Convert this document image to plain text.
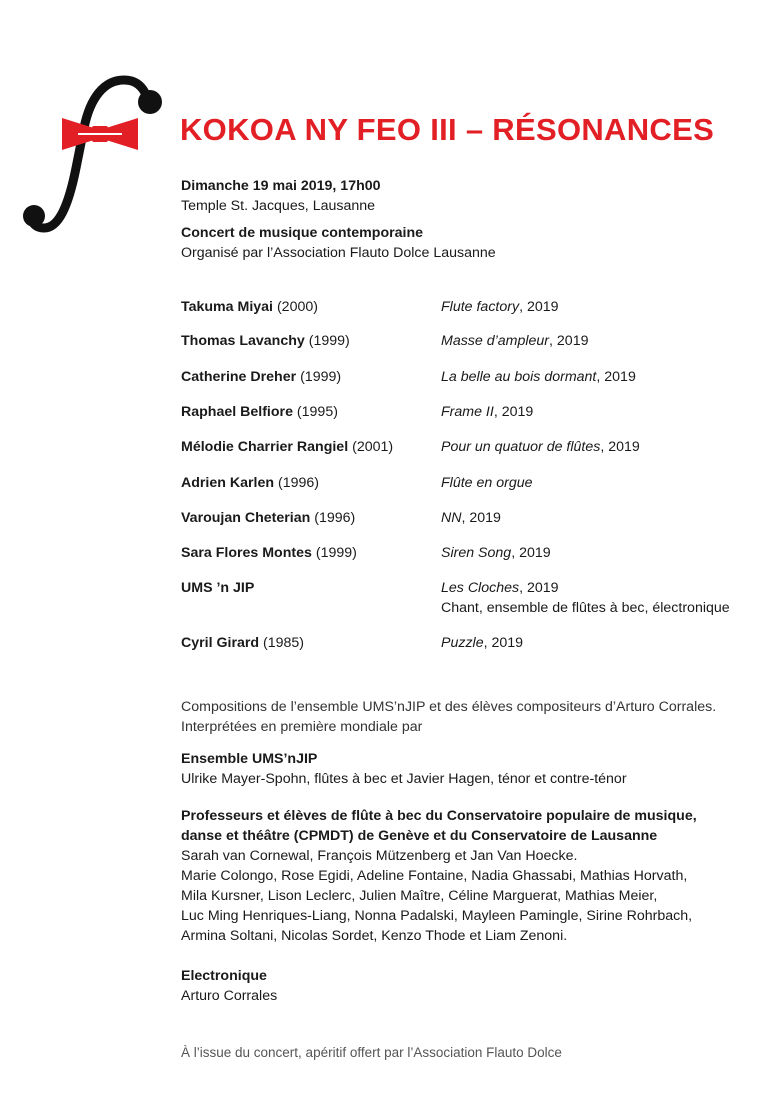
KOKOA NY FEO III – RÉSONANCES
Dimanche 19 mai 2019, 17h00
Temple St. Jacques, Lausanne
Concert de musique contemporaine
Organisé par l’Association Flauto Dolce Lausanne
Takuma Miyai (2000)	Flute factory, 2019
Thomas Lavanchy (1999)	Masse d’ampleur, 2019
Catherine Dreher (1999)	La belle au bois dormant, 2019
Raphael Belfiore (1995)	Frame II, 2019
Mélodie Charrier Rangiel (2001)	Pour un quatuor de flûtes, 2019
Adrien Karlen (1996)	Flûte en orgue
Varoujan Cheterian (1996)	NN, 2019
Sara Flores Montes (1999)	Siren Song, 2019
UMS ’n JIP	Les Cloches, 2019
Chant, ensemble de flûtes à bec, électronique
Cyril Girard (1985)	Puzzle, 2019
Compositions de l’ensemble UMS’nJIP et des élèves compositeurs d’Arturo Corrales.
Interprétées en première mondiale par
Ensemble UMS’nJIP
Ulrike Mayer-Spohn, flûtes à bec et Javier Hagen, ténor et contre-ténor
Professeurs et élèves de flûte à bec du Conservatoire populaire de musique,
danse et théâtre (CPMDT) de Genève et du Conservatoire de Lausanne
Sarah van Cornewal, François Mützenberg et Jan Van Hoecke.
Marie Colongo, Rose Egidi, Adeline Fontaine, Nadia Ghassabi, Mathias Horvath,
Mila Kursner, Lison Leclerc, Julien Maître, Céline Marguerat, Mathias Meier,
Luc Ming Henriques-Liang, Nonna Padalski, Mayleen Pamingle, Sirine Rohrbach,
Armina Soltani, Nicolas Sordet, Kenzo Thode et Liam Zenoni.
Electronique
Arturo Corrales
À l’issue du concert, apéritif offert par l’Association Flauto Dolce
